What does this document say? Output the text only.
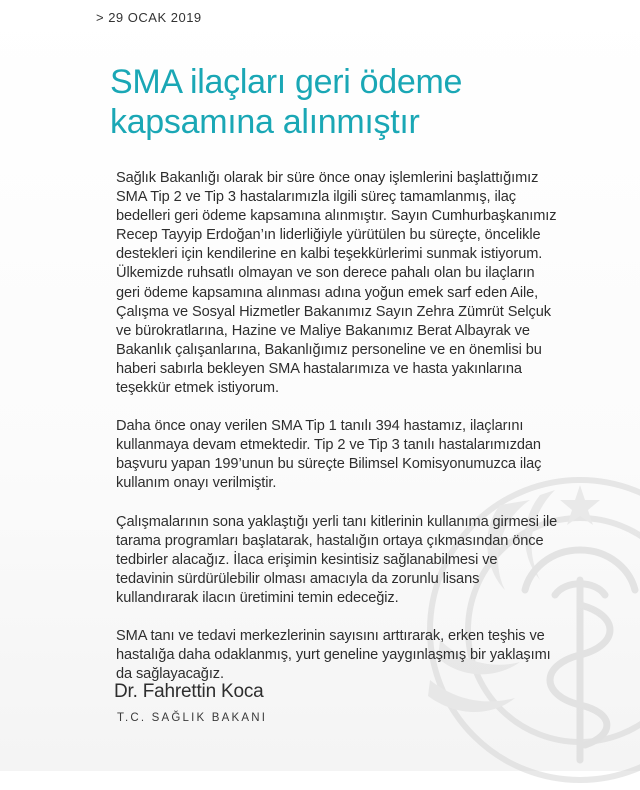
> 29 OCAK 2019
SMA ilaçları geri ödeme
kapsamına alınmıştır

Sağlık Bakanlığı olarak bir süre önce onay işlemlerini başlattığımız
SMA Tip 2 ve Tip 3 hastalarımızla ilgili süreç tamamlanmış, ilaç
bedelleri geri ödeme kapsamına alınmıştır. Sayın Cumhurbaşkanımız
Recep Tayyip Erdoğan’ın liderliğiyle yürütülen bu süreçte, öncelikle
destekleri için kendilerine en kalbi teşekkürlerimi sunmak istiyorum.
Ülkemizde ruhsatlı olmayan ve son derece pahalı olan bu ilaçların
geri ödeme kapsamına alınması adına yoğun emek sarf eden Aile,
Çalışma ve Sosyal Hizmetler Bakanımız Sayın Zehra Zümrüt Selçuk
ve bürokratlarına, Hazine ve Maliye Bakanımız Berat Albayrak ve
Bakanlık çalışanlarına, Bakanlığımız personeline ve en önemlisi bu
haberi sabırla bekleyen SMA hastalarımıza ve hasta yakınlarına
teşekkür etmek istiyorum.

Daha önce onay verilen SMA Tip 1 tanılı 394 hastamız, ilaçlarını
kullanmaya devam etmektedir. Tip 2 ve Tip 3 tanılı hastalarımızdan
başvuru yapan 199’unun bu süreçte Bilimsel Komisyonumuzca ilaç
kullanım onayı verilmiştir.

Çalışmalarının sona yaklaştığı yerli tanı kitlerinin kullanıma girmesi ile
tarama programları başlatarak, hastalığın ortaya çıkmasından önce
tedbirler alacağız. İlaca erişimin kesintisiz sağlanabilmesi ve
tedavinin sürdürülebilir olması amacıyla da zorunlu lisans
kullandırarak ilacın üretimini temin edeceğiz.

SMA tanı ve tedavi merkezlerinin sayısını arttırarak, erken teşhis ve
hastalığa daha odaklanmış, yurt geneline yaygınlaşmış bir yaklaşımı
da sağlayacağız.

Dr. Fahrettin Koca
T.C. SAĞLIK BAKANI
